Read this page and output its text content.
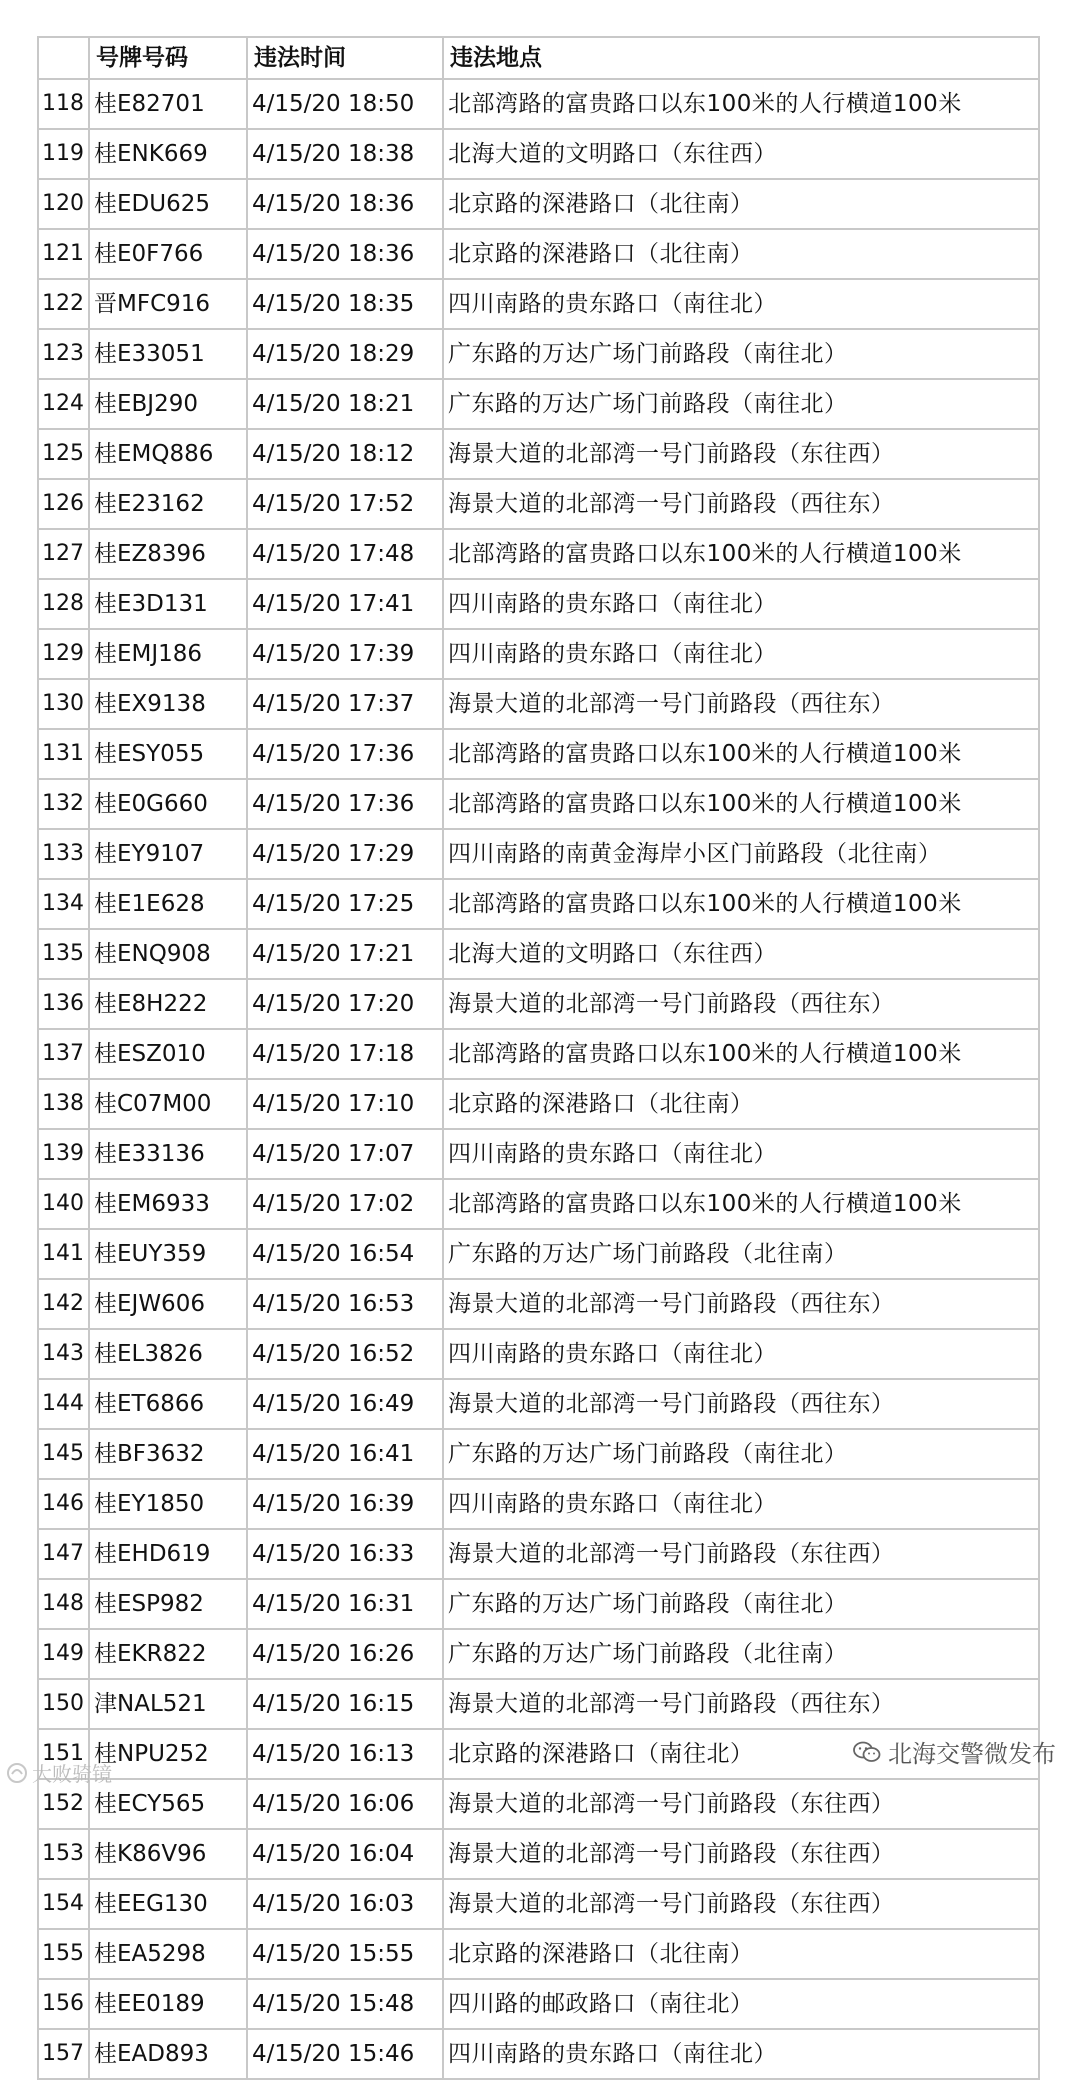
	号牌号码	违法时间	违法地点
118	桂E82701	4/15/20 18:50	北部湾路的富贵路口以东100米的人行横道100米
119	桂ENK669	4/15/20 18:38	北海大道的文明路口（东往西）
120	桂EDU625	4/15/20 18:36	北京路的深港路口（北往南）
121	桂E0F766	4/15/20 18:36	北京路的深港路口（北往南）
122	晋MFC916	4/15/20 18:35	四川南路的贵东路口（南往北）
123	桂E33051	4/15/20 18:29	广东路的万达广场门前路段（南往北）
124	桂EBJ290	4/15/20 18:21	广东路的万达广场门前路段（南往北）
125	桂EMQ886	4/15/20 18:12	海景大道的北部湾一号门前路段（东往西）
126	桂E23162	4/15/20 17:52	海景大道的北部湾一号门前路段（西往东）
127	桂EZ8396	4/15/20 17:48	北部湾路的富贵路口以东100米的人行横道100米
128	桂E3D131	4/15/20 17:41	四川南路的贵东路口（南往北）
129	桂EMJ186	4/15/20 17:39	四川南路的贵东路口（南往北）
130	桂EX9138	4/15/20 17:37	海景大道的北部湾一号门前路段（西往东）
131	桂ESY055	4/15/20 17:36	北部湾路的富贵路口以东100米的人行横道100米
132	桂E0G660	4/15/20 17:36	北部湾路的富贵路口以东100米的人行横道100米
133	桂EY9107	4/15/20 17:29	四川南路的南黄金海岸小区门前路段（北往南）
134	桂E1E628	4/15/20 17:25	北部湾路的富贵路口以东100米的人行横道100米
135	桂ENQ908	4/15/20 17:21	北海大道的文明路口（东往西）
136	桂E8H222	4/15/20 17:20	海景大道的北部湾一号门前路段（西往东）
137	桂ESZ010	4/15/20 17:18	北部湾路的富贵路口以东100米的人行横道100米
138	桂C07M00	4/15/20 17:10	北京路的深港路口（北往南）
139	桂E33136	4/15/20 17:07	四川南路的贵东路口（南往北）
140	桂EM6933	4/15/20 17:02	北部湾路的富贵路口以东100米的人行横道100米
141	桂EUY359	4/15/20 16:54	广东路的万达广场门前路段（北往南）
142	桂EJW606	4/15/20 16:53	海景大道的北部湾一号门前路段（西往东）
143	桂EL3826	4/15/20 16:52	四川南路的贵东路口（南往北）
144	桂ET6866	4/15/20 16:49	海景大道的北部湾一号门前路段（西往东）
145	桂BF3632	4/15/20 16:41	广东路的万达广场门前路段（南往北）
146	桂EY1850	4/15/20 16:39	四川南路的贵东路口（南往北）
147	桂EHD619	4/15/20 16:33	海景大道的北部湾一号门前路段（东往西）
148	桂ESP982	4/15/20 16:31	广东路的万达广场门前路段（南往北）
149	桂EKR822	4/15/20 16:26	广东路的万达广场门前路段（北往南）
150	津NAL521	4/15/20 16:15	海景大道的北部湾一号门前路段（西往东）
151	桂NPU252	4/15/20 16:13	北京路的深港路口（南往北）
152	桂ECY565	4/15/20 16:06	海景大道的北部湾一号门前路段（东往西）
153	桂K86V96	4/15/20 16:04	海景大道的北部湾一号门前路段（东往西）
154	桂EEG130	4/15/20 16:03	海景大道的北部湾一号门前路段（东往西）
155	桂EA5298	4/15/20 15:55	北京路的深港路口（北往南）
156	桂EE0189	4/15/20 15:48	四川路的邮政路口（南往北）
157	桂EAD893	4/15/20 15:46	四川南路的贵东路口（南往北）
北海交警微发布
大败骑镜
